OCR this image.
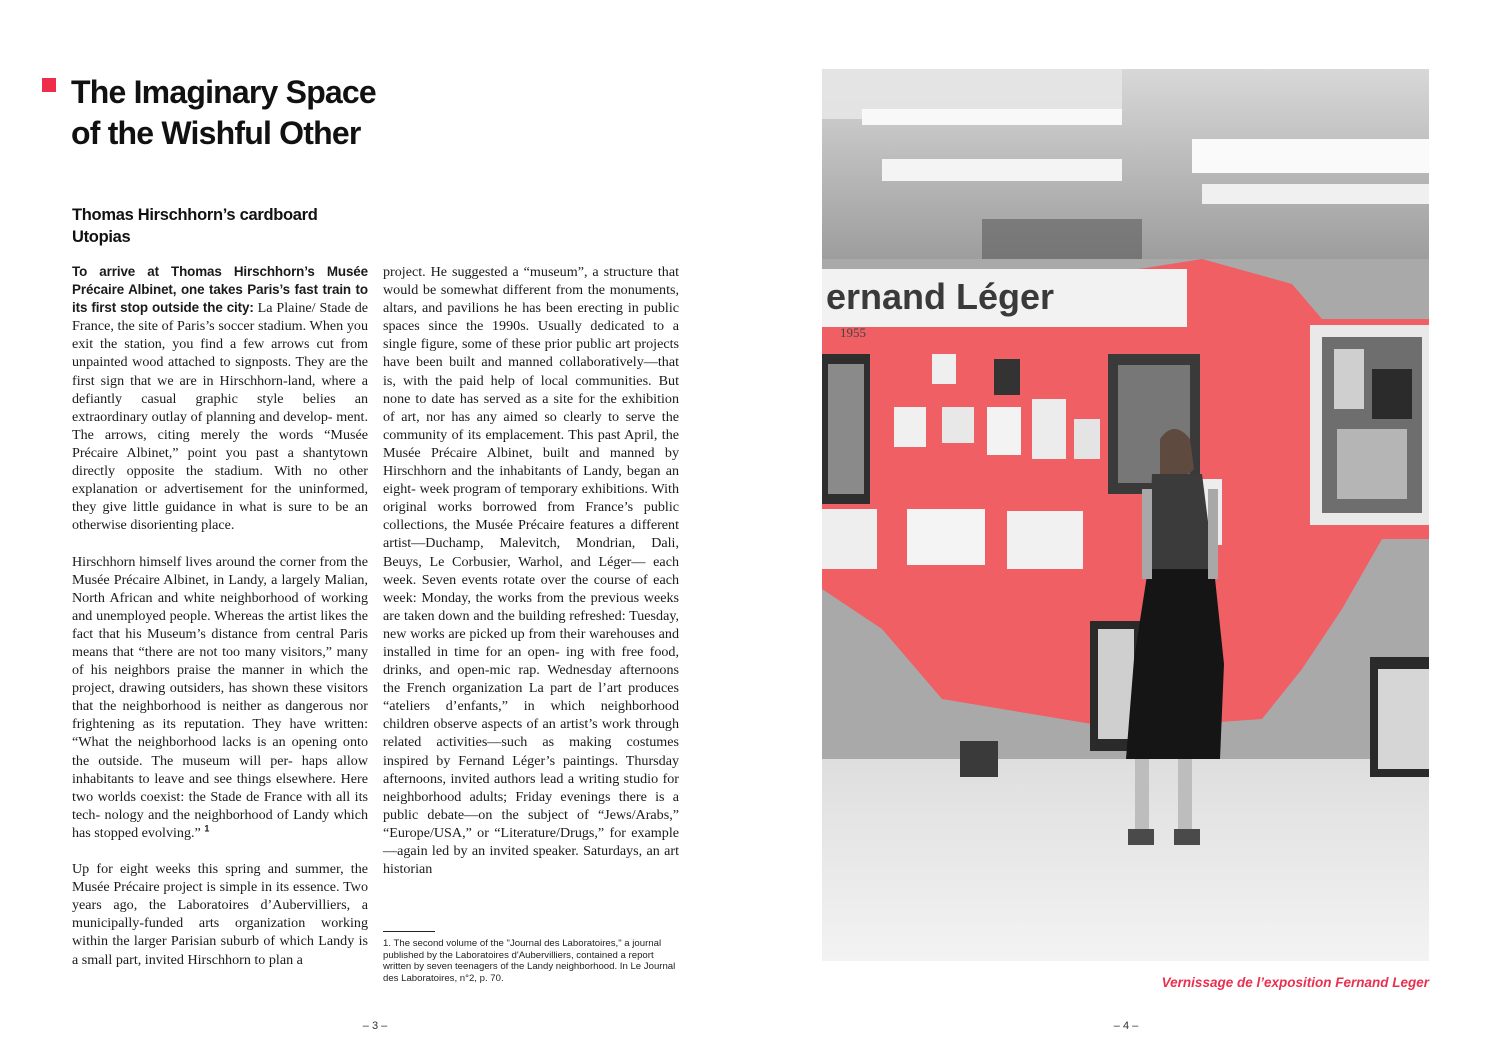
The Imaginary Space of the Wishful Other
Thomas Hirschhorn’s cardboard Utopias

To arrive at Thomas Hirschhorn’s Musée Précaire Albinet, one takes Paris’s fast train to its first stop outside the city: La Plaine/ Stade de France, the site of Paris’s soccer stadium. When you exit the station, you find a few arrows cut from unpainted wood attached to signposts. They are the first sign that we are in Hirschhorn-land, where a defiantly casual graphic style belies an extraordinary outlay of planning and develop- ment. The arrows, citing merely the words “Musée Précaire Albinet,” point you past a shantytown directly opposite the stadium. With no other explanation or advertisement for the uninformed, they give little guidance in what is sure to be an otherwise disorienting place.

Hirschhorn himself lives around the corner from the Musée Précaire Albinet, in Landy, a largely Malian, North African and white neighborhood of working and unemployed people. Whereas the artist likes the fact that his Museum’s distance from central Paris means that “there are not too many visitors,” many of his neighbors praise the manner in which the project, drawing outsiders, has shown these visitors that the neighborhood is neither as dangerous nor frightening as its reputation. They have written: “What the neighborhood lacks is an opening onto the outside. The museum will per- haps allow inhabitants to leave and see things elsewhere. Here two worlds coexist: the Stade de France with all its tech- nology and the neighborhood of Landy which has stopped evolving.” $^1$

Up for eight weeks this spring and summer, the Musée Précaire project is simple in its essence. Two years ago, the Laboratoires d’Aubervilliers, a municipally-funded arts organization working within the larger Parisian suburb of which Landy is a small part, invited Hirschhorn to plan a

project. He suggested a “museum”, a structure that would be somewhat different from the monuments, altars, and pavilions he has been erecting in public spaces since the 1990s. Usually dedicated to a single figure, some of these prior public art projects have been built and manned collaboratively—that is, with the paid help of local communities. But none to date has served as a site for the exhibition of art, nor has any aimed so clearly to serve the community of its emplacement. This past April, the Musée Précaire Albinet, built and manned by Hirschhorn and the inhabitants of Landy, began an eight- week program of temporary exhibitions. With original works borrowed from France’s public collections, the Musée Précaire features a different artist—Duchamp, Malevitch, Mondrian, Dali, Beuys, Le Corbusier, Warhol, and Léger— each week. Seven events rotate over the course of each week: Monday, the works from the previous weeks are taken down and the building refreshed: Tuesday, new works are picked up from their warehouses and installed in time for an open- ing with free food, drinks, and open-mic rap. Wednesday afternoons the French organization La part de l’art produces “ateliers d’enfants,” in which neighborhood children observe aspects of an artist’s work through related activities—such as making costumes inspired by Fernand Léger’s paintings. Thursday afternoons, invited authors lead a writing studio for neighborhood adults; Friday evenings there is a public debate—on the subject of “Jews/Arabs,” “Europe/USA,” or “Literature/Drugs,” for example—again led by an invited speaker. Saturdays, an art historian

1. The second volume of the "Journal des Laboratoires," a journal published by the Laboratoires d'Aubervilliers, contained a report written by seven teenagers of the Landy neighborhood. In Le Journal des Laboratoires, n°2, p. 70.

– 3 –	– 4 –
ernand Léger
1955

Vernissage de l’exposition Fernand Leger
